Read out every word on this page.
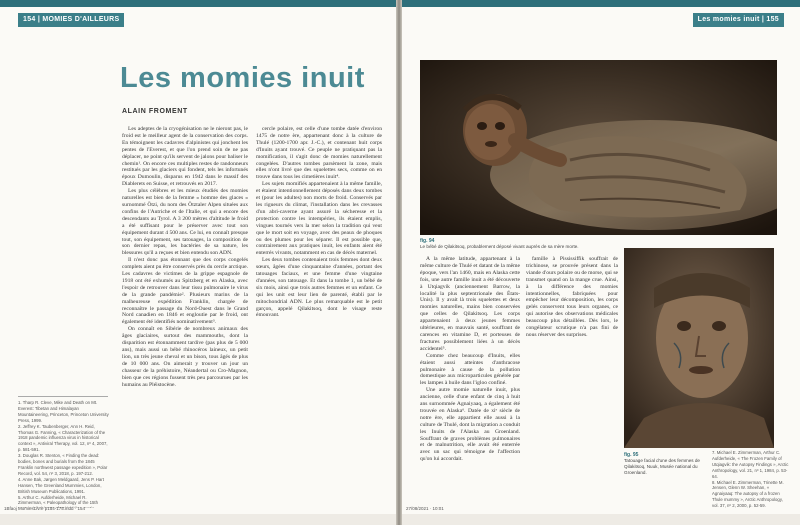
154 | MOMIES D'AILLEURS
Les momies inuit
ALAIN FROMENT

Les adeptes de la cryogénisation ne le nieront pas, le froid est le meilleur agent de la conservation des corps. En témoignent les cadavres d'alpinistes qui jonchent les pentes de l'Everest, et que l'on prend soin de ne pas déplacer, ne point qu'ils servent de jalons pour baliser le chemin¹. On encore ces multiples restes de randonneurs restitués par les glaciers qui fondent, tels les infortunés époux Dumoulin, disparus en 1942 dans le massif des Diablerets en Suisse, et retrouvés en 2017.

Les plus célèbres et les mieux étudiés des momies naturelles est bien de la femme « homme des glaces » surnommé Ötzi, du nom des Ötztaler Alpen situées aux confins de l'Autriche et de l'Italie, et qui a encore des descendants au Tyrol. A 3 200 mètres d'altitude le froid a été suffisant pour le préserver avec tout son équipement durant 4 500 ans. Ce lui, en connaît presque tout, son équipement, ses tatouages, la composition de son dernier repas, les bactéries de sa nature, les blessures qu'il a reçues et bien entendu son ADN.

Il n'est donc pas étonnant que des corps congelés complets aient pu être conservés près du cercle arctique. Les cadavres de victimes de la grippe espagnole de 1918 ont été exhumés au Spitzberg et en Alaska, avec l'espoir de retrouver dans leur tissu pulmonaire le virus de la grande pandémie². Plusieurs marins de la malheureuse expédition Franklin, chargée de reconnaître le passage du Nord-Ouest dans le Grand Nord canadien en 1846 et engloutie par le froid, ont également été identifiés nominativement³.

On connaît en Sibérie de nombreux animaux des âges glaciaires, surtout des mammouths, dont la disparition est étonnamment tardive (pas plus de 5 000 ans), mais aussi un bébé rhinocéros laineux, un petit lion, un très jeune cheval et un bison, tous âgés de plus de 10 000 ans. On aimerait y trouver un jour un chasseur de la préhistoire, Néandertal ou Cro-Magnon, bien que ces régions fussent très peu parcourues par les humains au Pléistocène.

cercle polaire, est celle d'une tombe datée d'environ 1475 de notre ère, appartenant donc à la culture de Thulé (1200-1700 apr. J.-C.), et contenant huit corps d'Inuits ayant trouvé. Ce peuple ne pratiquant pas la momification, il s'agit donc de momies naturellement congelées. D'autres tombes parsèment la zone, mais elles n'ont livré que des squelettes secs, comme on en trouve dans tous les cimetières inuit⁴.

Les sujets momifiés appartenaient à la même famille, et étaient intentionnellement déposés dans deux tombes et (pour les adultes) non morts de froid. Conservés par les rigueurs du climat, l'installation dans les crevasses d'un abri-caverne ayant assuré la sécheresse et la protection contre les intempéries, ils étaient emplis, vingues tournés vers la mer selon la tradition qui veut que le mort soit en voyage, avec des peaux de phoques ou des plumes pour les séparer. Il est possible que, contrairement aux pratiques inuit, les enfants aient été enterrés vivants, notamment en cas de décès maternel.

Les deux tombes contenaient trois femmes dont deux sœurs, âgées d'une cinquantaine d'années, portant des tatouages faciaux, et une femme d'une vingtaine d'années, son tatouage. Et dans la tombe 1, un bébé de six mois, ainsi que trois autres femmes et un enfant. Ce qui les unit est leur lien de parenté, établi par le mitochondrial ADN. Le plus remarquable est le petit garçon, appelé Qilakitsoq, dont le visage reste émouvant.

1. Tharp R. Cleve, Mike and Death on Mt. Everest: Tibetan and Himalayan Mountaineering, Princeton, Princeton University Press, 1999.
2. Jeffrey K. Taubenberger, Ann H. Reid, Thomas G. Fanning, « Characterization of the 1918 pandemic influenza virus in historical context », Antiviral Therapy, vol. 12, nº 4, 2007, p. 581-591.
3. Douglas R. Stenton, « Finding the dead: bodies, bones and burials from the 1845 Franklin northwest passage expedition », Polar Record, vol. 54, nº 3, 2018, p. 197-212.
4. Anne Bak, Jørgen Meldgaard, Jens P. Hart Hansen, The Greenland Mummies, London, British Museum Publications, 1991.
5. Arthur C. Aufderheide, Michael R. Zimmerman, « Paleopathology of the 15th
1Bfaoj MomiesLivre p154-175.indd · 154
Les momies inuit | 155
fig. 94
Le bébé de Qilakitsoq, probablement déposé vivant auprès de sa mère morte.

À la même latitude, appartenant à la même culture de Thulé et datant de la même époque, vers l'an 1460, mais en Alaska cette fois, une autre famille inuit a été découverte à Utqiagvik (anciennement Barrow, la localité la plus septentrionale des États-Unis). Il y avait là trois squelettes et deux momies naturelles, mains bien conservées que celles de Qilakitsoq. Les corps appartenaient à deux jeunes femmes ultérieures, en mauvais santé, souffrant de carences en vitamine D, et porteuses de fractures possiblement liées à un décès accidentel⁵.

Comme chez beaucoup d'Inuits, elles étaient aussi atteintes d'anthracose pulmonaire à cause de la pollution domestique aux microparticules générée par les lampes à huile dans l'igloo confiné.

Une autre momie naturelle inuit, plus ancienne, celle d'une enfant de cinq à huit ans surnommée Agnaiyaaq, a également été trouvée en Alaska⁶. Datée de xiᵉ siècle de notre ère, elle appartient elle aussi à la culture de Thulé, dont la migration a conduit les Inuits de l'Alaska au Groenland. Souffrant de graves problèmes pulmonaires et de malnutrition, elle avait été enterrée avec un sac qui témoigne de l'affection qu'on lui accordait.

famille à Pississiffik souffrait de trichinose, se prouvée présent dans la viande d'ours polaire ou de morse, qui se transmet quand on la mange crue. Ainsi, à la différence des momies intentionnelles, fabriquées pour empêcher leur décomposition, les corps gelés conservent tous leurs organes, ce qui autorise des observations médicales beaucoup plus détaillées. Dès lors, le congélateur scrutique n'a pas fini de nous réserver des surprises.

fig. 95
Tatouage facial d'une des femmes de Qilakitsoq, Nuuk, Musée national du Groenland.
7. Michael E. Zimmerman, Arthur C. Aufderheide, « The Frozen Family of Utqiagvik: the Autopsy Findings », Arctic Anthropology, vol. 21, nº 1, 1984, p. 53-64.
8. Michael E. Zimmerman, Trinette M. Jensen, Glenn W. Sheehan, « Agnaiyaaq: The autopsy of a frozen Thule mummy », Arctic Anthropology, vol. 37, nº 2, 2000, p. 52-59.
27/08/2021 · 10:01
